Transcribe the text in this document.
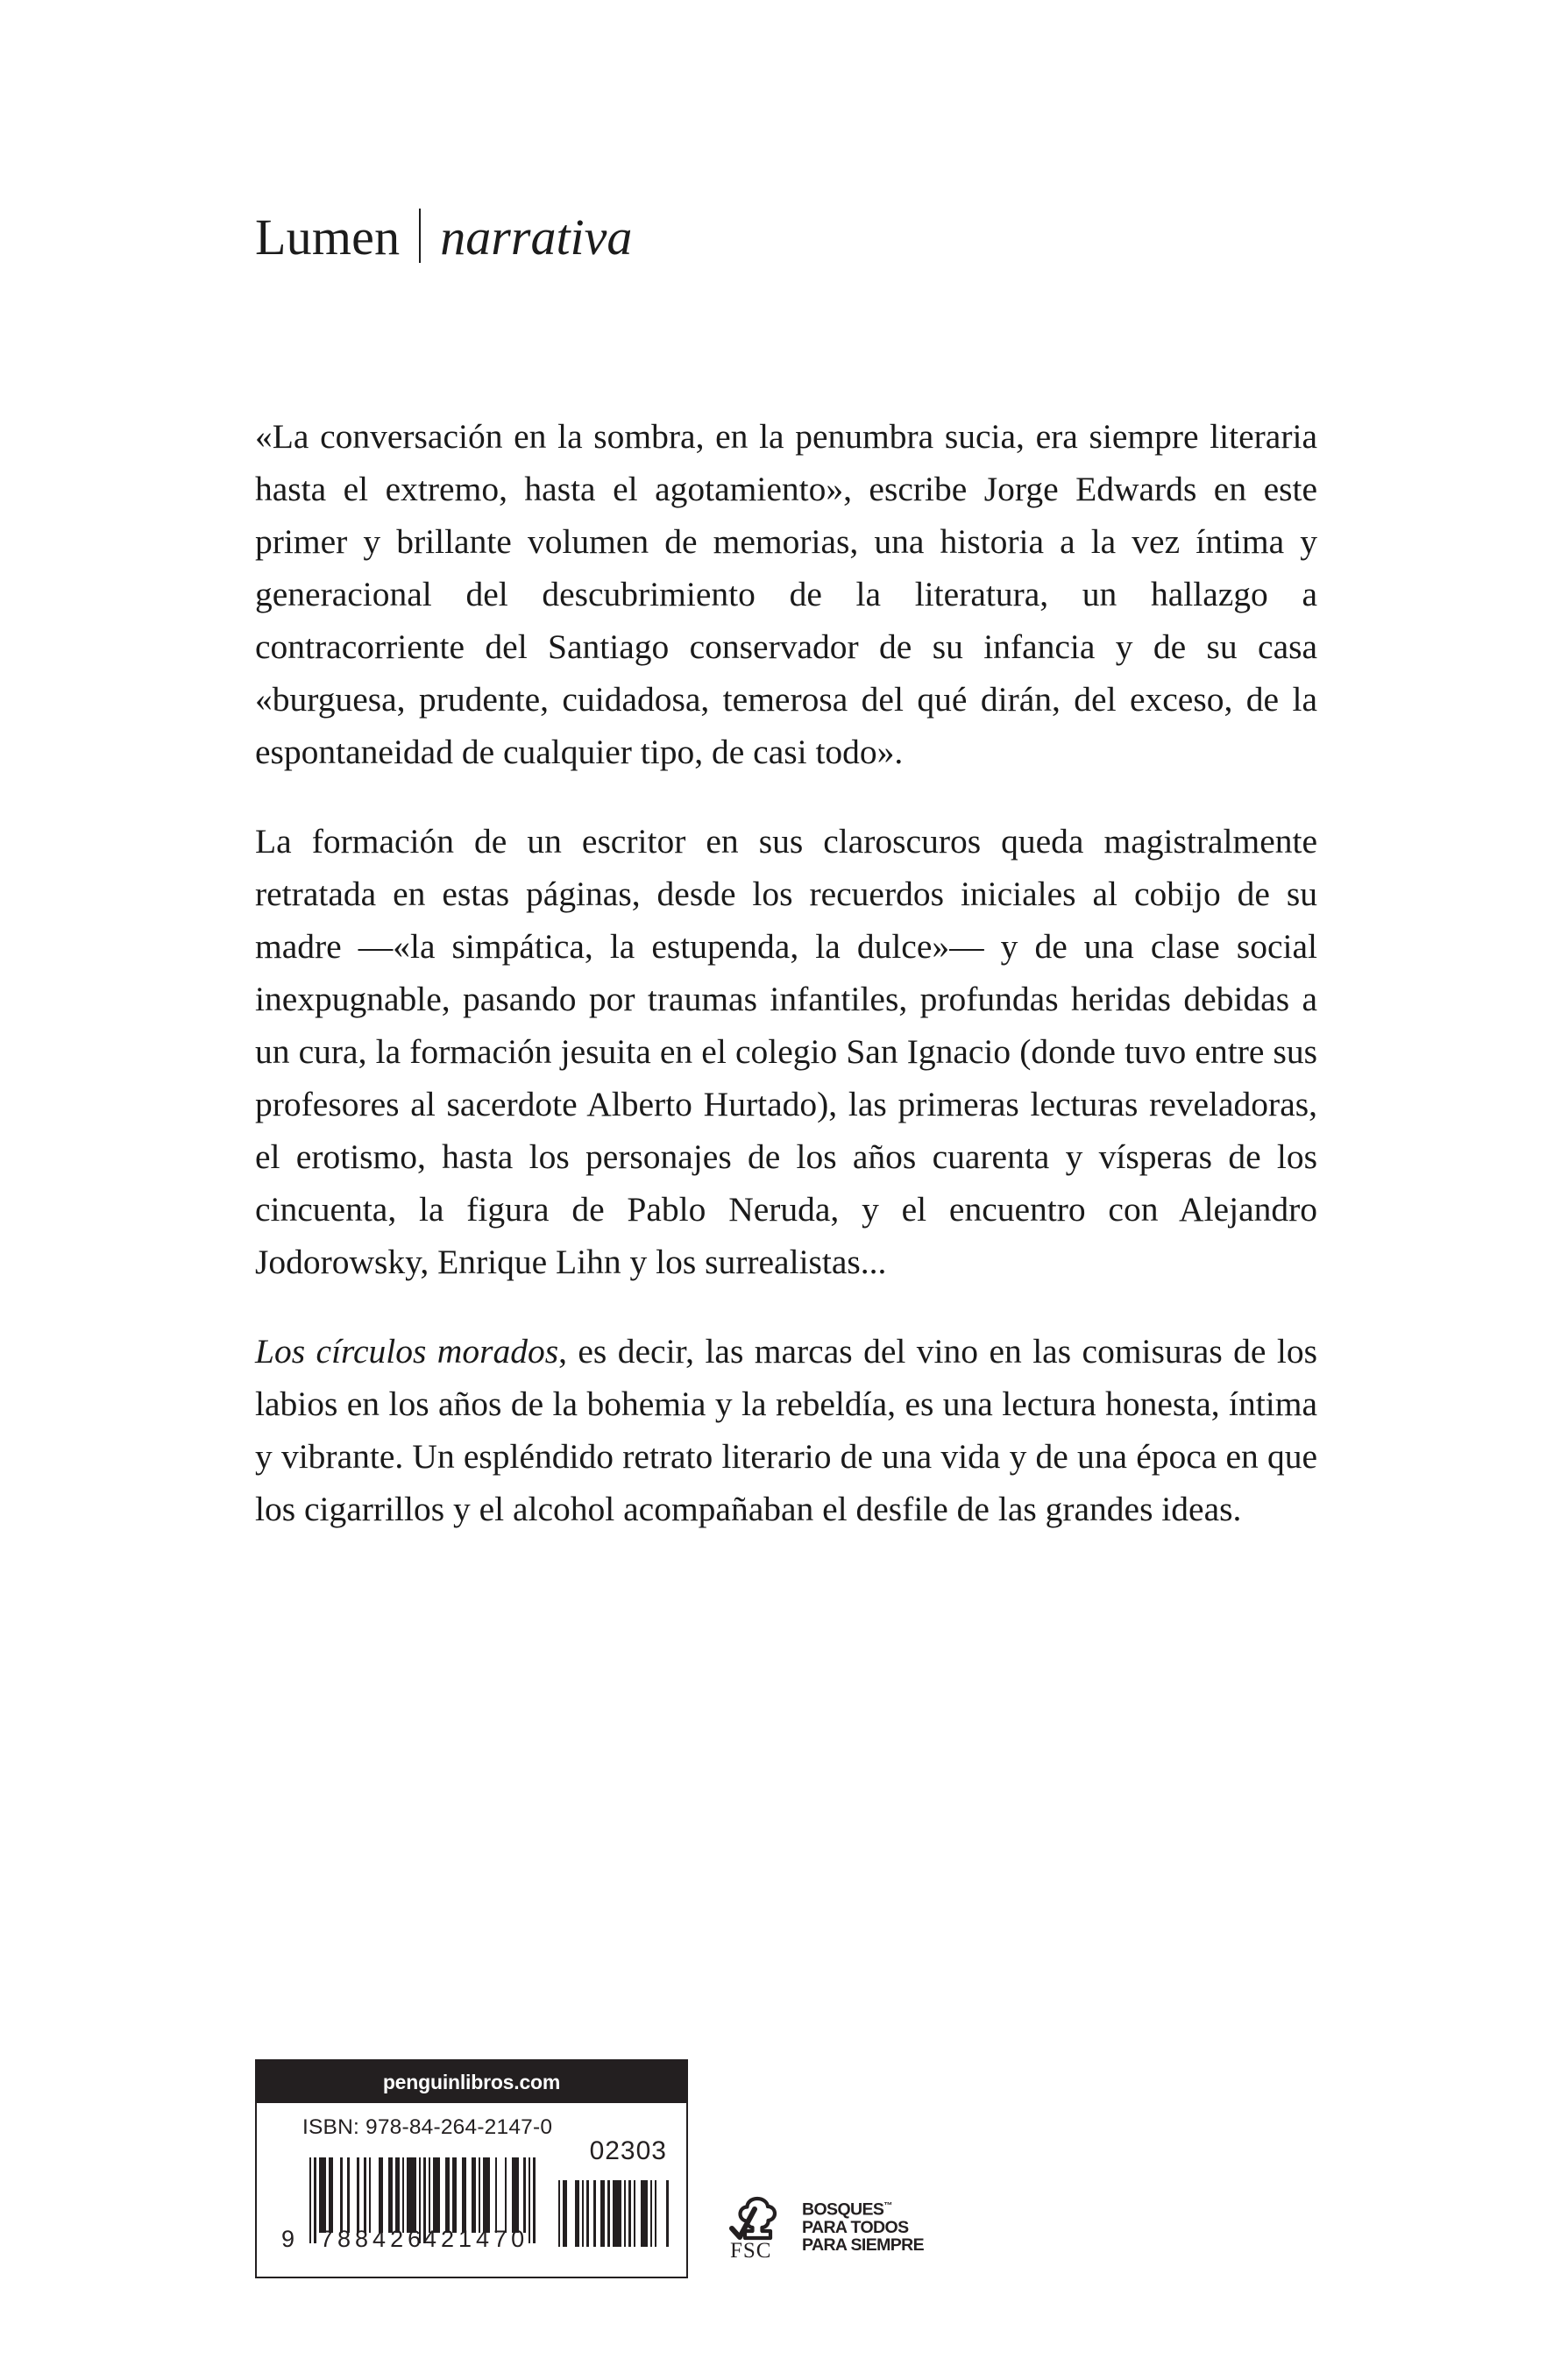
Lumen narrativa

«La conversación en la sombra, en la penumbra sucia, era siempre literaria hasta el extremo, hasta el agotamiento», escribe Jorge Edwards en este primer y brillante volumen de memorias, una historia a la vez íntima y generacional del descubrimiento de la literatura, un hallazgo a contracorriente del Santiago conservador de su infancia y de su casa «burguesa, prudente, cuidadosa, temerosa del qué dirán, del exceso, de la espontaneidad de cualquier tipo, de casi todo».

La formación de un escritor en sus claroscuros queda magistralmente retratada en estas páginas, desde los recuerdos iniciales al cobijo de su madre —«la simpática, la estupenda, la dulce»— y de una clase social inexpugnable, pasando por traumas infantiles, profundas heridas debidas a un cura, la formación jesuita en el colegio San Ignacio (donde tuvo entre sus profesores al sacerdote Alberto Hurtado), las primeras lecturas reveladoras, el erotismo, hasta los personajes de los años cuarenta y vísperas de los cincuenta, la figura de Pablo Neruda, y el encuentro con Alejandro Jodorowsky, Enrique Lihn y los surrealistas...

Los círculos morados, es decir, las marcas del vino en las comisuras de los labios en los años de la bohemia y la rebeldía, es una lectura honesta, íntima y vibrante. Un espléndido retrato literario de una vida y de una época en que los cigarrillos y el alcohol acompañaban el desfile de las grandes ideas.

penguinlibros.com
ISBN: 978-84-264-2147-0
02303
9 788426
421470	FSC
BOSQUES™
PARA TODOS
PARA SIEMPRE
